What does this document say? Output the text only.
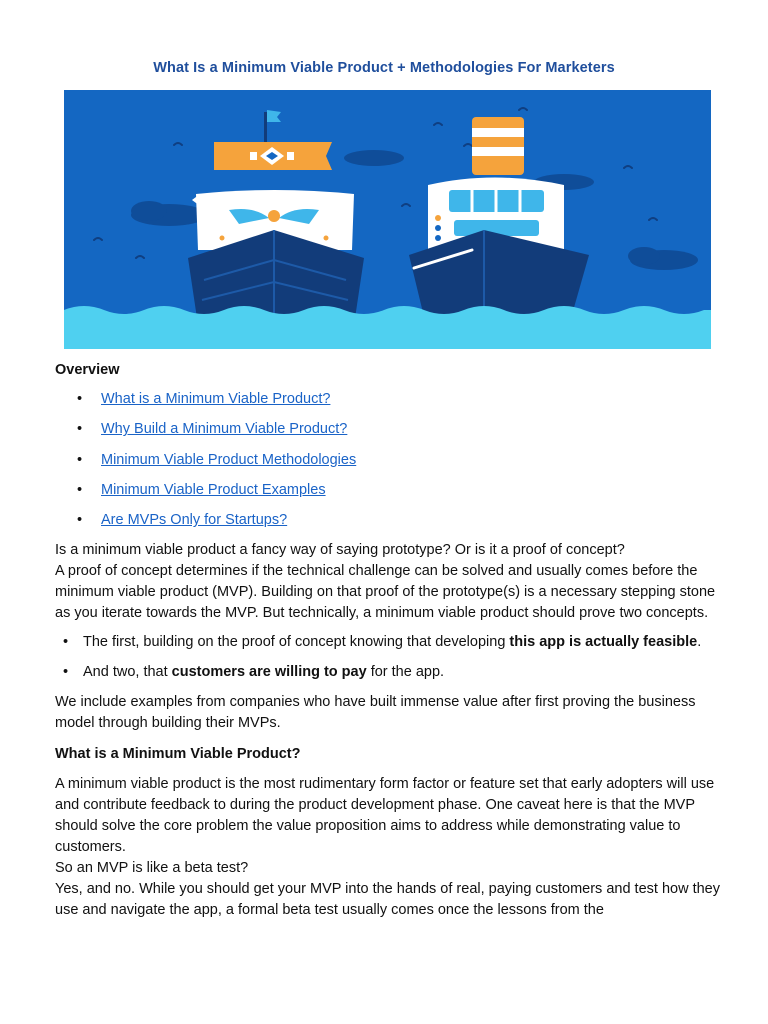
What Is a Minimum Viable Product + Methodologies For Marketers
Overview
• What is a Minimum Viable Product?
• Why Build a Minimum Viable Product?
• Minimum Viable Product Methodologies
• Minimum Viable Product Examples
• Are MVPs Only for Startups?

Is a minimum viable product a fancy way of saying prototype? Or is it a proof of concept?

A proof of concept determines if the technical challenge can be solved and usually comes before the minimum viable product (MVP). Building on that proof of the prototype(s) is a necessary stepping stone as you iterate towards the MVP. But technically, a minimum viable product should prove two concepts.

• The first, building on the proof of concept knowing that developing this app is actually feasible.
• And two, that customers are willing to pay for the app.

We include examples from companies who have built immense value after first proving the business model through building their MVPs.

What is a Minimum Viable Product?

A minimum viable product is the most rudimentary form factor or feature set that early adopters will use and contribute feedback to during the product development phase. One caveat here is that the MVP should solve the core problem the value proposition aims to address while demonstrating value to customers.

So an MVP is like a beta test?

Yes, and no. While you should get your MVP into the hands of real, paying customers and test how they use and navigate the app, a formal beta test usually comes once the lessons from the
